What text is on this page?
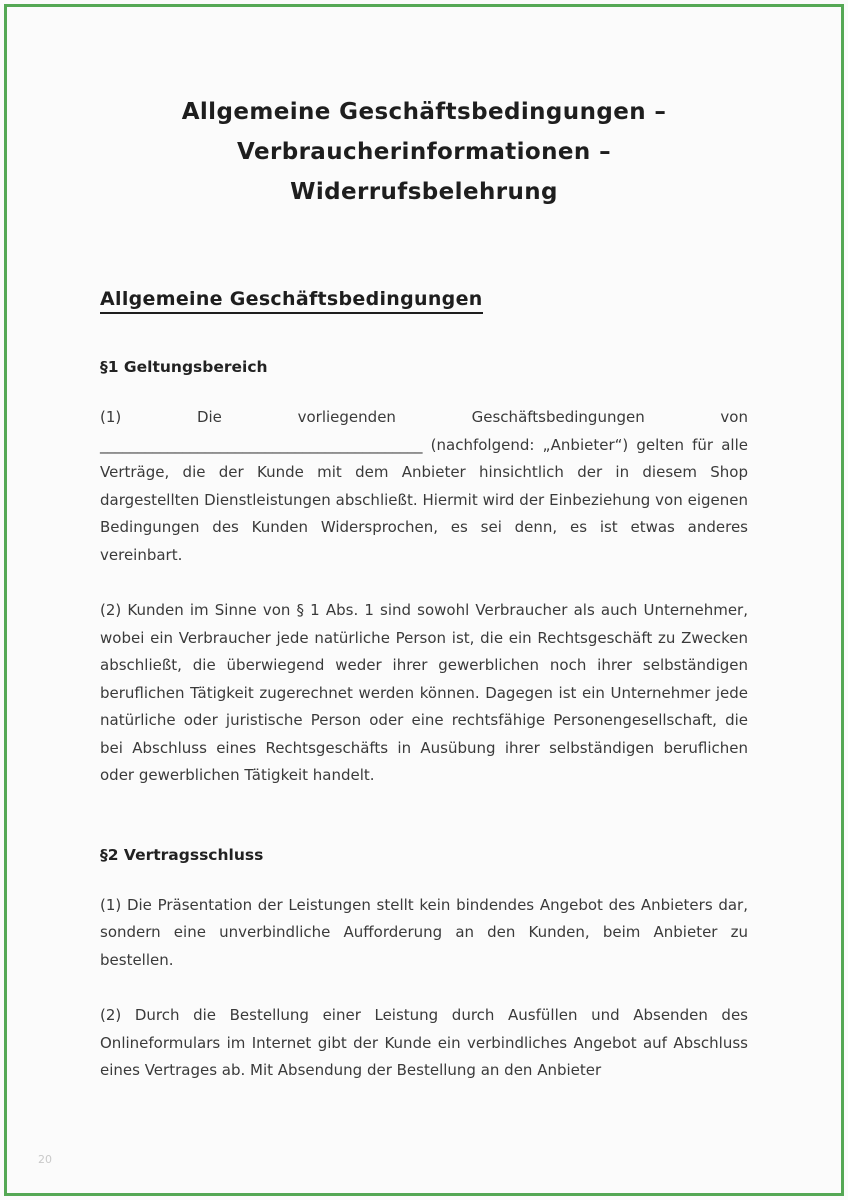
Allgemeine Geschäftsbedingungen –
Verbraucherinformationen – Widerrufsbelehrung
Allgemeine Geschäftsbedingungen
§1 Geltungsbereich

(1) Die vorliegenden Geschäftsbedingungen von ___________________________________________ (nachfolgend: „Anbieter“) gelten für alle Verträge, die der Kunde mit dem Anbieter hinsichtlich der in diesem Shop dargestellten Dienstleistungen abschließt. Hiermit wird der Einbeziehung von eigenen Bedingungen des Kunden Widersprochen, es sei denn, es ist etwas anderes vereinbart.

(2) Kunden im Sinne von § 1 Abs. 1 sind sowohl Verbraucher als auch Unternehmer, wobei ein Verbraucher jede natürliche Person ist, die ein Rechtsgeschäft zu Zwecken abschließt, die überwiegend weder ihrer gewerblichen noch ihrer selbständigen beruflichen Tätigkeit zugerechnet werden können. Dagegen ist ein Unternehmer jede natürliche oder juristische Person oder eine rechtsfähige Personengesellschaft, die bei Abschluss eines Rechtsgeschäfts in Ausübung ihrer selbständigen beruflichen oder gewerblichen Tätigkeit handelt.

§2 Vertragsschluss

(1) Die Präsentation der Leistungen stellt kein bindendes Angebot des Anbieters dar, sondern eine unverbindliche Aufforderung an den Kunden, beim Anbieter zu bestellen.

(2) Durch die Bestellung einer Leistung durch Ausfüllen und Absenden des Onlineformulars im Internet gibt der Kunde ein verbindliches Angebot auf Abschluss eines Vertrages ab. Mit Absendung der Bestellung an den Anbieter

20
